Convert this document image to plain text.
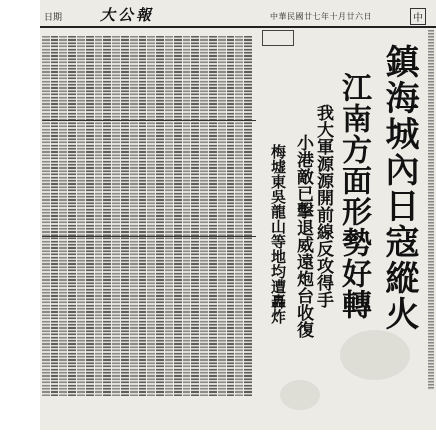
日期	大公報	中華民國廿七年十月廿六日	中
鎮海城內日寇縱火
江南方面形勢好轉
我大軍源源開前線反攻得手
小港敵已擊退威遠炮台收復
梅墟東吳龍山等地均遭轟炸
